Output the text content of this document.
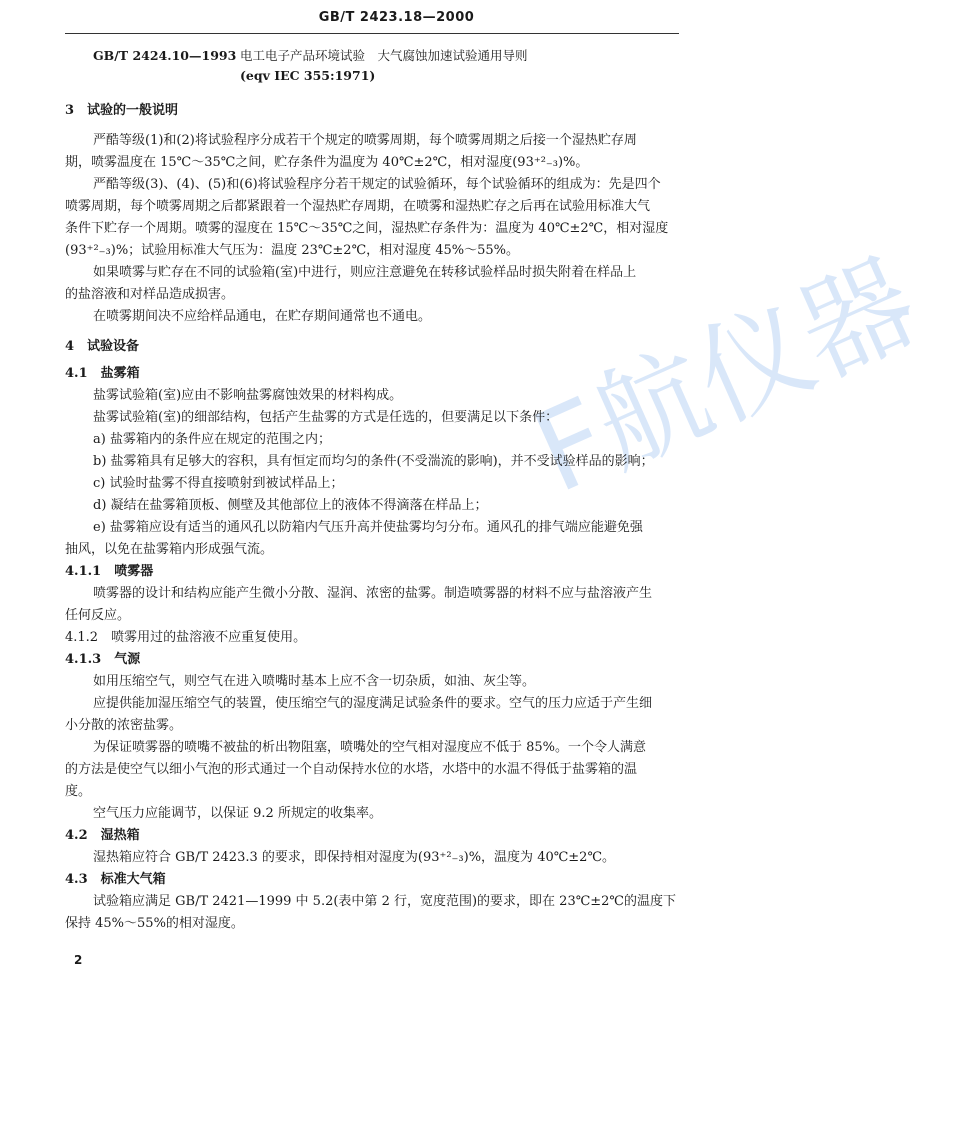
GB/T 2423.18—2000
F航仪器
GB/T 2424.10—1993 电工电子产品环境试验　大气腐蚀加速试验通用导则
(eqv IEC 355:1971)
3　试验的一般说明
严酷等级(1)和(2)将试验程序分成若干个规定的喷雾周期，每个喷雾周期之后接一个湿热贮存周
期，喷雾温度在 15℃～35℃之间，贮存条件为温度为 40℃±2℃，相对湿度(93⁺²₋₃)%。
严酷等级(3)、(4)、(5)和(6)将试验程序分若干规定的试验循环，每个试验循环的组成为：先是四个
喷雾周期，每个喷雾周期之后都紧跟着一个湿热贮存周期，在喷雾和湿热贮存之后再在试验用标准大气
条件下贮存一个周期。喷雾的湿度在 15℃～35℃之间，湿热贮存条件为：温度为 40℃±2℃，相对湿度
(93⁺²₋₃)%；试验用标准大气压为：温度 23℃±2℃，相对湿度 45%～55%。
如果喷雾与贮存在不同的试验箱(室)中进行，则应注意避免在转移试验样品时损失附着在样品上
的盐溶液和对样品造成损害。
在喷雾期间决不应给样品通电，在贮存期间通常也不通电。
4　试验设备
4.1　盐雾箱
盐雾试验箱(室)应由不影响盐雾腐蚀效果的材料构成。
盐雾试验箱(室)的细部结构，包括产生盐雾的方式是任选的，但要满足以下条件：
a) 盐雾箱内的条件应在规定的范围之内；
b) 盐雾箱具有足够大的容积，具有恒定而均匀的条件(不受湍流的影响)，并不受试验样品的影响；
c) 试验时盐雾不得直接喷射到被试样品上；
d) 凝结在盐雾箱顶板、侧壁及其他部位上的液体不得滴落在样品上；
e) 盐雾箱应设有适当的通风孔以防箱内气压升高并使盐雾均匀分布。通风孔的排气端应能避免强
抽风，以免在盐雾箱内形成强气流。
4.1.1　喷雾器
喷雾器的设计和结构应能产生微小分散、湿润、浓密的盐雾。制造喷雾器的材料不应与盐溶液产生
任何反应。
4.1.2　喷雾用过的盐溶液不应重复使用。
4.1.3　气源
如用压缩空气，则空气在进入喷嘴时基本上应不含一切杂质，如油、灰尘等。
应提供能加湿压缩空气的装置，使压缩空气的湿度满足试验条件的要求。空气的压力应适于产生细
小分散的浓密盐雾。
为保证喷雾器的喷嘴不被盐的析出物阻塞，喷嘴处的空气相对湿度应不低于 85%。一个令人满意
的方法是使空气以细小气泡的形式通过一个自动保持水位的水塔，水塔中的水温不得低于盐雾箱的温
度。
空气压力应能调节，以保证 9.2 所规定的收集率。
4.2　湿热箱
湿热箱应符合 GB/T 2423.3 的要求，即保持相对湿度为(93⁺²₋₃)%，温度为 40℃±2℃。
4.3　标准大气箱
试验箱应满足 GB/T 2421—1999 中 5.2(表中第 2 行，宽度范围)的要求，即在 23℃±2℃的温度下
保持 45%～55%的相对湿度。
2
